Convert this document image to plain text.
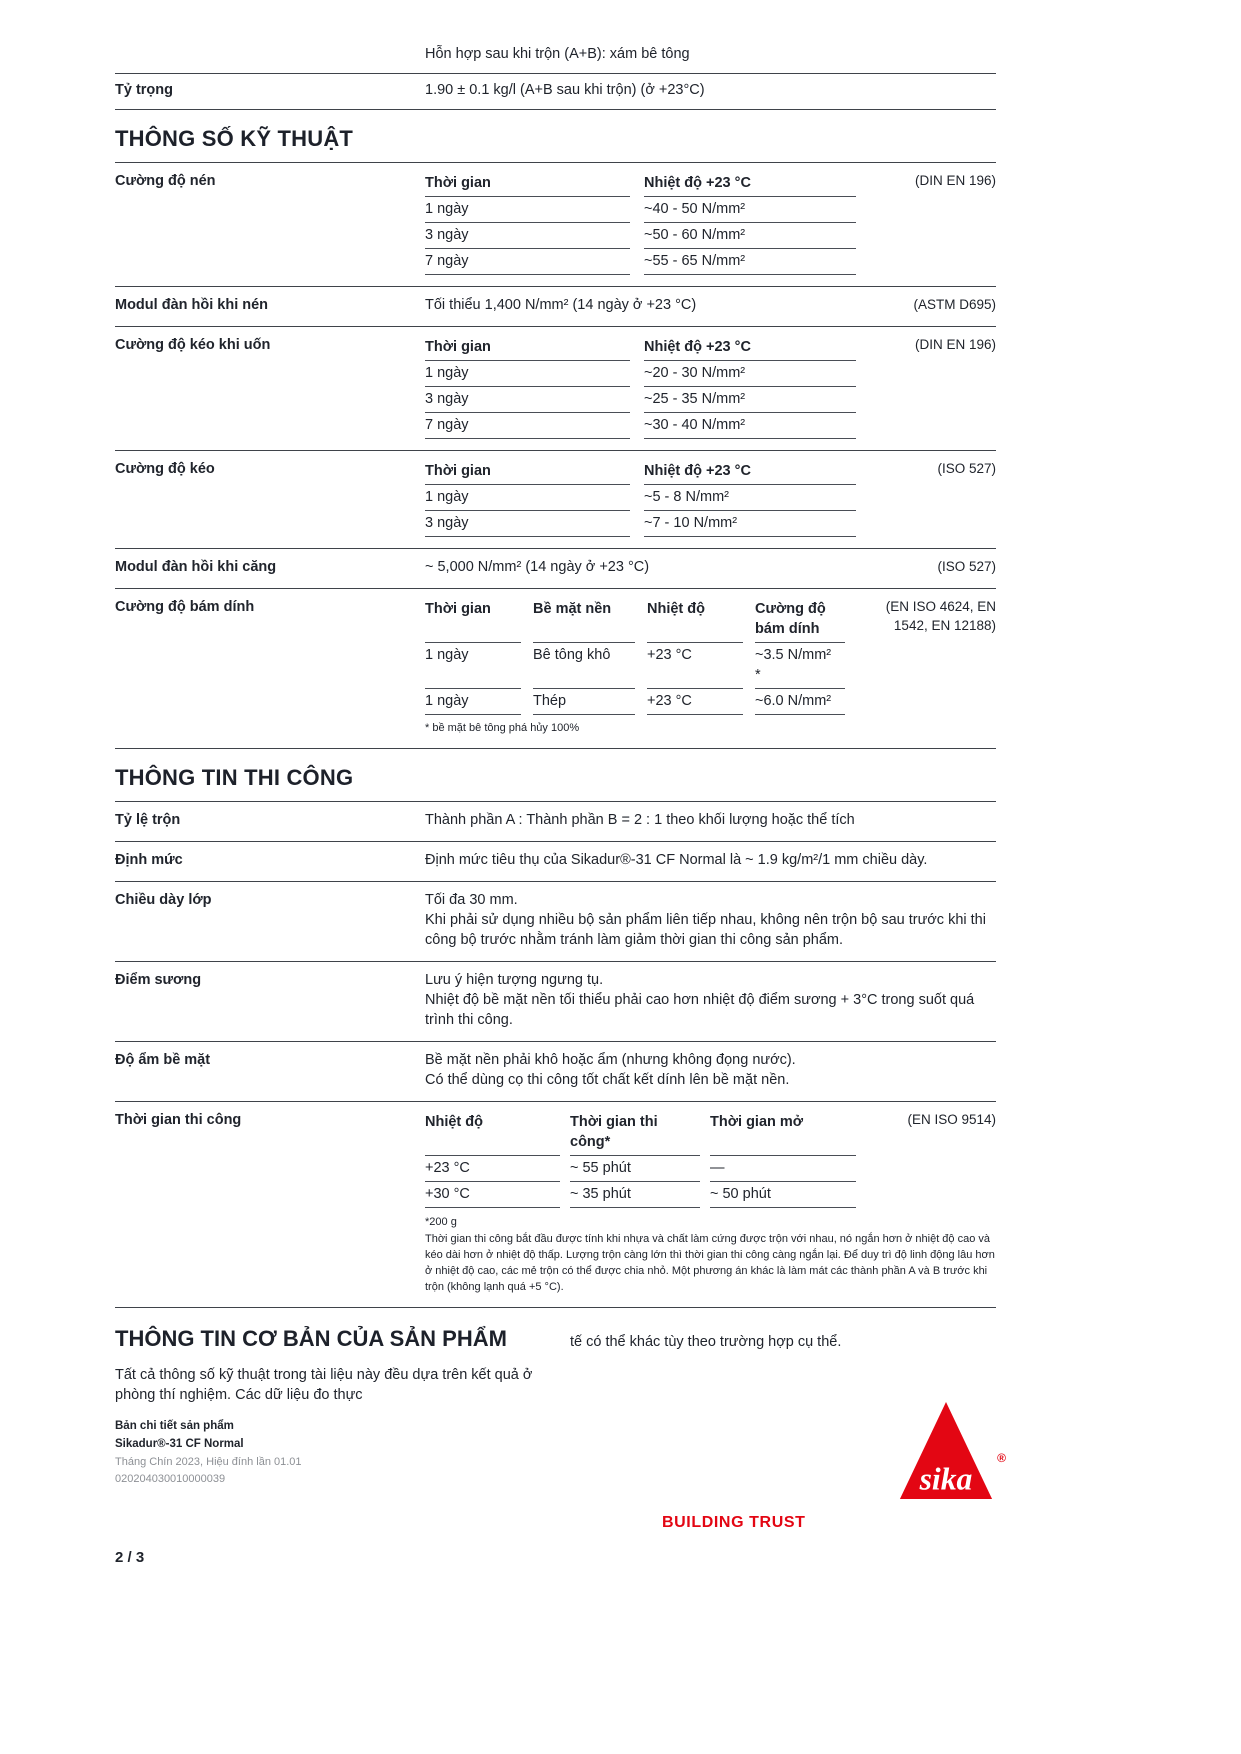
Hỗn hợp sau khi trộn (A+B): xám bê tông
Tỷ trọng	1.90 ± 0.1 kg/l (A+B sau khi trộn) (ở +23°C)
THÔNG SỐ KỸ THUẬT
Cường độ nén	Thời gian	Nhiệt độ +23 °C
1 ngày	~40 - 50 N/mm²
3 ngày	~50 - 60 N/mm²
7 ngày	~55 - 65 N/mm²
(DIN EN 196)
Modul đàn hồi khi nén	Tối thiểu 1,400 N/mm² (14 ngày ở +23 °C)	(ASTM D695)
Cường độ kéo khi uốn	Thời gian	Nhiệt độ +23 °C
1 ngày	~20 - 30 N/mm²
3 ngày	~25 - 35 N/mm²
7 ngày	~30 - 40 N/mm²
(DIN EN 196)
Cường độ kéo	Thời gian	Nhiệt độ +23 °C
1 ngày	~5 - 8 N/mm²
3 ngày	~7 - 10 N/mm²
(ISO 527)
Modul đàn hồi khi căng	~ 5,000 N/mm² (14 ngày ở +23 °C)	(ISO 527)
Cường độ bám dính	Thời gian	Bề mặt nền	Nhiệt độ	Cường độ bám dính
1 ngày	Bê tông khô	+23 °C	~3.5 N/mm²
*
1 ngày	Thép	+23 °C	~6.0 N/mm²
(EN ISO 4624, EN 1542, EN 12188)
* bề mặt bê tông phá hủy 100%
THÔNG TIN THI CÔNG
Tỷ lệ trộn	Thành phần A : Thành phần B = 2 : 1 theo khối lượng hoặc thể tích
Định mức	Định mức tiêu thụ của Sikadur®-31 CF Normal là ~ 1.9 kg/m²/1 mm chiều dày.
Chiều dày lớp	Tối đa 30 mm.
Khi phải sử dụng nhiều bộ sản phẩm liên tiếp nhau, không nên trộn bộ sau trước khi thi công bộ trước nhằm tránh làm giảm thời gian thi công sản phẩm.
Điểm sương	Lưu ý hiện tượng ngưng tụ.
Nhiệt độ bề mặt nền tối thiểu phải cao hơn nhiệt độ điểm sương + 3°C trong suốt quá trình thi công.
Độ ẩm bề mặt	Bề mặt nền phải khô hoặc ẩm (nhưng không đọng nước).
Có thể dùng cọ thi công tốt chất kết dính lên bề mặt nền.
Thời gian thi công	Nhiệt độ	Thời gian thi công*
Thời gian mở
+23 °C	~ 55 phút	—
+30 °C	~ 35 phút	~ 50 phút
(EN ISO 9514)
*200 g
Thời gian thi công bắt đầu được tính khi nhựa và chất làm cứng được trộn với nhau, nó ngắn hơn ở nhiệt độ cao và kéo dài hơn ở nhiệt độ thấp. Lượng trộn càng lớn thì thời gian thi công càng ngắn lại. Để duy trì độ linh động lâu hơn ở nhiệt độ cao, các mẻ trộn có thể được chia nhỏ. Một phương án khác là làm mát các thành phần A và B trước khi trộn (không lạnh quá +5 °C).
THÔNG TIN CƠ BẢN CỦA SẢN PHẨM

Tất cả thông số kỹ thuật trong tài liệu này đều dựa trên kết quả ở phòng thí nghiệm. Các dữ liệu đo thực

tế có thể khác tùy theo trường hợp cụ thể.
Bản chi tiết sản phẩm
Sikadur®-31 CF Normal
Tháng Chín 2023, Hiệu đính lần 01.01
020204030010000039
BUILDING TRUST
sika
®
2 / 3
